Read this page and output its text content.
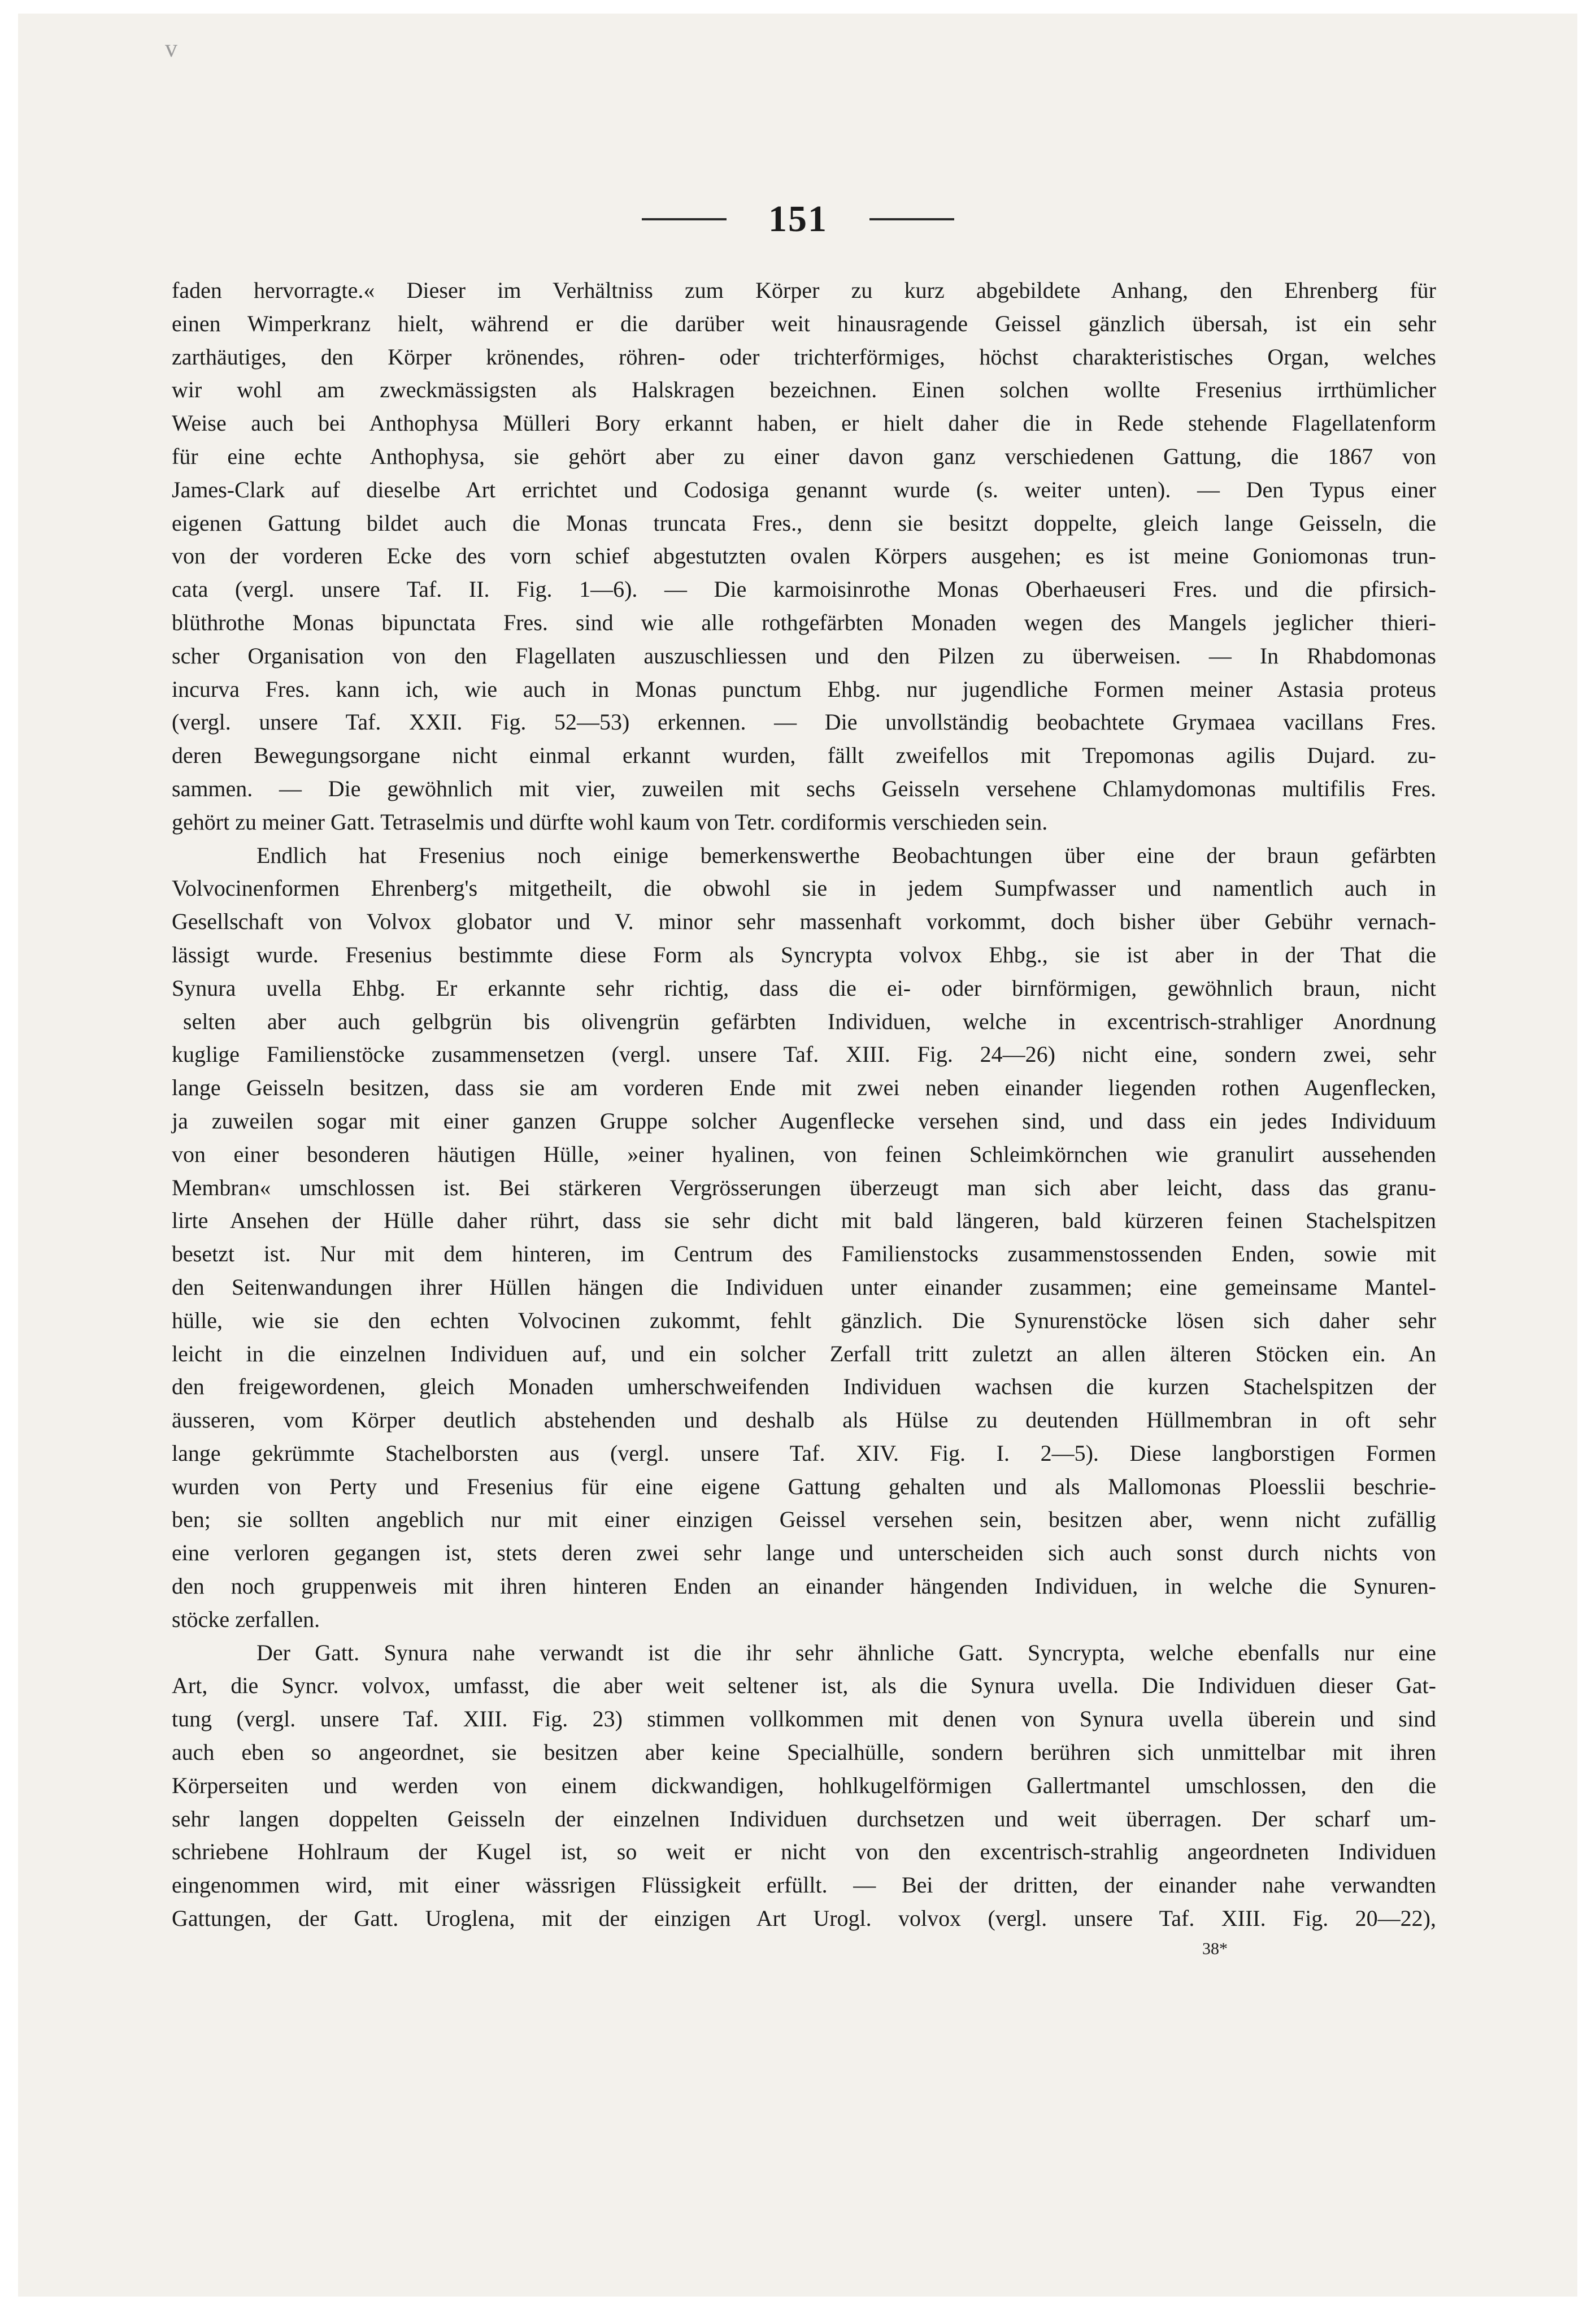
v
151
faden hervorragte.« Dieser im Verhältniss zum Körper zu kurz abgebildete Anhang, den Ehrenberg für
einen Wimperkranz hielt, während er die darüber weit hinausragende Geissel gänzlich übersah, ist ein sehr
zarthäutiges, den Körper krönendes, röhren- oder trichterförmiges, höchst charakteristisches Organ, welches
wir wohl am zweckmässigsten als Halskragen bezeichnen. Einen solchen wollte Fresenius irrthümlicher
Weise auch bei Anthophysa Mülleri Bory erkannt haben, er hielt daher die in Rede stehende Flagellatenform
für eine echte Anthophysa, sie gehört aber zu einer davon ganz verschiedenen Gattung, die 1867 von
James-Clark auf dieselbe Art errichtet und Codosiga genannt wurde (s. weiter unten). — Den Typus einer
eigenen Gattung bildet auch die Monas truncata Fres., denn sie besitzt doppelte, gleich lange Geisseln, die
von der vorderen Ecke des vorn schief abgestutzten ovalen Körpers ausgehen; es ist meine Goniomonas trun-
cata (vergl. unsere Taf. II. Fig. 1—6). — Die karmoisinrothe Monas Oberhaeuseri Fres. und die pfirsich-
blüthrothe Monas bipunctata Fres. sind wie alle rothgefärbten Monaden wegen des Mangels jeglicher thieri-
scher Organisation von den Flagellaten auszuschliessen und den Pilzen zu überweisen. — In Rhabdomonas
incurva Fres. kann ich, wie auch in Monas punctum Ehbg. nur jugendliche Formen meiner Astasia proteus
(vergl. unsere Taf. XXII. Fig. 52—53) erkennen. — Die unvollständig beobachtete Grymaea vacillans Fres.
deren Bewegungsorgane nicht einmal erkannt wurden, fällt zweifellos mit Trepomonas agilis Dujard. zu-
sammen. — Die gewöhnlich mit vier, zuweilen mit sechs Geisseln versehene Chlamydomonas multifilis Fres.
gehört zu meiner Gatt. Tetraselmis und dürfte wohl kaum von Tetr. cordiformis verschieden sein.
Endlich hat Fresenius noch einige bemerkenswerthe Beobachtungen über eine der braun gefärbten
Volvocinenformen Ehrenberg's mitgetheilt, die obwohl sie in jedem Sumpfwasser und namentlich auch in
Gesellschaft von Volvox globator und V. minor sehr massenhaft vorkommt, doch bisher über Gebühr vernach-
lässigt wurde. Fresenius bestimmte diese Form als Syncrypta volvox Ehbg., sie ist aber in der That die
Synura uvella Ehbg. Er erkannte sehr richtig, dass die ei- oder birnförmigen, gewöhnlich braun, nicht
selten aber auch gelbgrün bis olivengrün gefärbten Individuen, welche in excentrisch-strahliger Anordnung
kuglige Familienstöcke zusammensetzen (vergl. unsere Taf. XIII. Fig. 24—26) nicht eine, sondern zwei, sehr
lange Geisseln besitzen, dass sie am vorderen Ende mit zwei neben einander liegenden rothen Augenflecken,
ja zuweilen sogar mit einer ganzen Gruppe solcher Augenflecke versehen sind, und dass ein jedes Individuum
von einer besonderen häutigen Hülle, »einer hyalinen, von feinen Schleimkörnchen wie granulirt aussehenden
Membran« umschlossen ist. Bei stärkeren Vergrösserungen überzeugt man sich aber leicht, dass das granu-
lirte Ansehen der Hülle daher rührt, dass sie sehr dicht mit bald längeren, bald kürzeren feinen Stachelspitzen
besetzt ist. Nur mit dem hinteren, im Centrum des Familienstocks zusammenstossenden Enden, sowie mit
den Seitenwandungen ihrer Hüllen hängen die Individuen unter einander zusammen; eine gemeinsame Mantel-
hülle, wie sie den echten Volvocinen zukommt, fehlt gänzlich. Die Synurenstöcke lösen sich daher sehr
leicht in die einzelnen Individuen auf, und ein solcher Zerfall tritt zuletzt an allen älteren Stöcken ein. An
den freigewordenen, gleich Monaden umherschweifenden Individuen wachsen die kurzen Stachelspitzen der
äusseren, vom Körper deutlich abstehenden und deshalb als Hülse zu deutenden Hüllmembran in oft sehr
lange gekrümmte Stachelborsten aus (vergl. unsere Taf. XIV. Fig. I. 2—5). Diese langborstigen Formen
wurden von Perty und Fresenius für eine eigene Gattung gehalten und als Mallomonas Ploesslii beschrie-
ben; sie sollten angeblich nur mit einer einzigen Geissel versehen sein, besitzen aber, wenn nicht zufällig
eine verloren gegangen ist, stets deren zwei sehr lange und unterscheiden sich auch sonst durch nichts von
den noch gruppenweis mit ihren hinteren Enden an einander hängenden Individuen, in welche die Synuren-
stöcke zerfallen.
Der Gatt. Synura nahe verwandt ist die ihr sehr ähnliche Gatt. Syncrypta, welche ebenfalls nur eine
Art, die Syncr. volvox, umfasst, die aber weit seltener ist, als die Synura uvella. Die Individuen dieser Gat-
tung (vergl. unsere Taf. XIII. Fig. 23) stimmen vollkommen mit denen von Synura uvella überein und sind
auch eben so angeordnet, sie besitzen aber keine Specialhülle, sondern berühren sich unmittelbar mit ihren
Körperseiten und werden von einem dickwandigen, hohlkugelförmigen Gallertmantel umschlossen, den die
sehr langen doppelten Geisseln der einzelnen Individuen durchsetzen und weit überragen. Der scharf um-
schriebene Hohlraum der Kugel ist, so weit er nicht von den excentrisch-strahlig angeordneten Individuen
eingenommen wird, mit einer wässrigen Flüssigkeit erfüllt. — Bei der dritten, der einander nahe verwandten
Gattungen, der Gatt. Uroglena, mit der einzigen Art Urogl. volvox (vergl. unsere Taf. XIII. Fig. 20—22),
38*
